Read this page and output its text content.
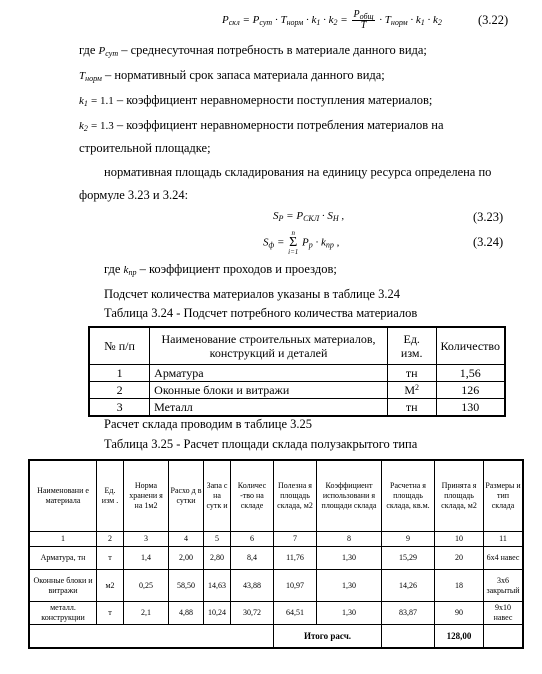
$P_{скл} = P_{сут} \cdot T_{норм} \cdot k_1 \cdot k_2 = \frac{P_{общ}}{T} \cdot T_{норм} \cdot k_1 \cdot k_2$	(3.22)
где $P_{сут}$ – среднесуточная потребность в материале данного вида;
$T_{норм}$ – нормативный срок запаса материала данного вида;
$k_1 = 1.1$ – коэффициент неравномерности поступления материалов;
$k_2 = 1.3$ – коэффициент неравномерности потребления материалов на
строительной площадке;
нормативная площадь складирования на единицу ресурса определена по
формуле 3.23 и 3.24:
$S_P = P_{СКЛ} \cdot S_Н$ ,	(3.23)
$S_ф$ =
n
Σ
i=1
$P_p \cdot k_{пр}$ ,	(3.24)
где $k_{пр}$ – коэффициент проходов и проездов;
Подсчет количества материалов указаны в таблице 3.24
Таблица 3.24 - Подсчет потребного количества материалов
№ п/п	Наименование строительных материалов, конструкций и деталей	Ед. изм.	Количество
1	Арматура	тн	1,56
2	Оконные блоки и витражи	$М^2$	126
3	Металл	тн	130
Расчет склада проводим в таблице 3.25
Таблица 3.25 - Расчет площади склада полузакрытого типа
Наименовани е материала	Ед. изм .	Норма хранени я на 1м2	Расхо д в сутки	Запа с на сутк и	Количес -тво на складе	Полезна я площадь склада, м2	Коэффициент использовани я площади склада	Расчетна я площадь склада, кв.м.	Принята я площадь склада, м2	Размеры и тип склада
1	2	3	4	5	6	7	8	9	10	11
Арматура, тн	т	1,4	2,00	2,80	8,4	11,76	1,30	15,29	20	6х4 навес
Оконные блоки и витражи	м2	0,25	58,50	14,63	43,88	10,97	1,30	14,26	18	3х6 закрытый
металл. конструкции	т	2,1	4,88	10,24	30,72	64,51	1,30	83,87	90	9х10 навес
						Итого расч.			128,00	
